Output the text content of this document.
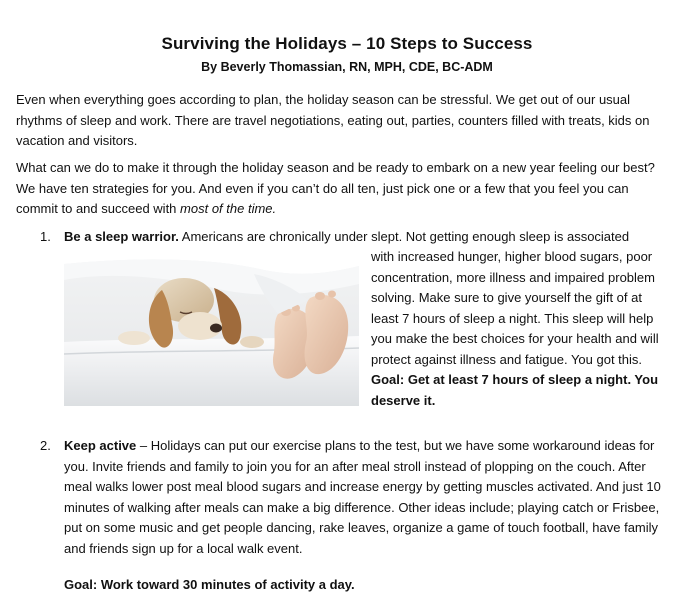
Surviving the Holidays – 10 Steps to Success
By Beverly Thomassian, RN, MPH, CDE, BC-ADM

Even when everything goes according to plan, the holiday season can be stressful. We get out of our usual rhythms of sleep and work. There are travel negotiations, eating out, parties, counters filled with treats, kids on vacation and visitors.

What can we do to make it through the holiday season and be ready to embark on a new year feeling our best? We have ten strategies for you. And even if you can’t do all ten, just pick one or a few that you feel you can commit to and succeed with most of the time.

1. Be a sleep warrior. Americans are chronically under slept. Not getting enough sleep is associated
with increased hunger, higher blood sugars, poor concentration, more illness and impaired problem solving. Make sure to give yourself the gift of at least 7 hours of sleep a night. This sleep will help you make the best choices for your health and will protect against illness and fatigue. You got this.
Goal: Get at least 7 hours of sleep a night. You deserve it.
2. Keep active – Holidays can put our exercise plans to the test, but we have some workaround ideas for you. Invite friends and family to join you for an after meal stroll instead of plopping on the couch. After meal walks lower post meal blood sugars and increase energy by getting muscles activated. And just 10 minutes of walking after meals can make a big difference. Other ideas include; playing catch or Frisbee, put on some music and get people dancing, rake leaves, organize a game of touch football, have family and friends sign up for a local walk event.
Goal: Work toward 30 minutes of activity a day.
